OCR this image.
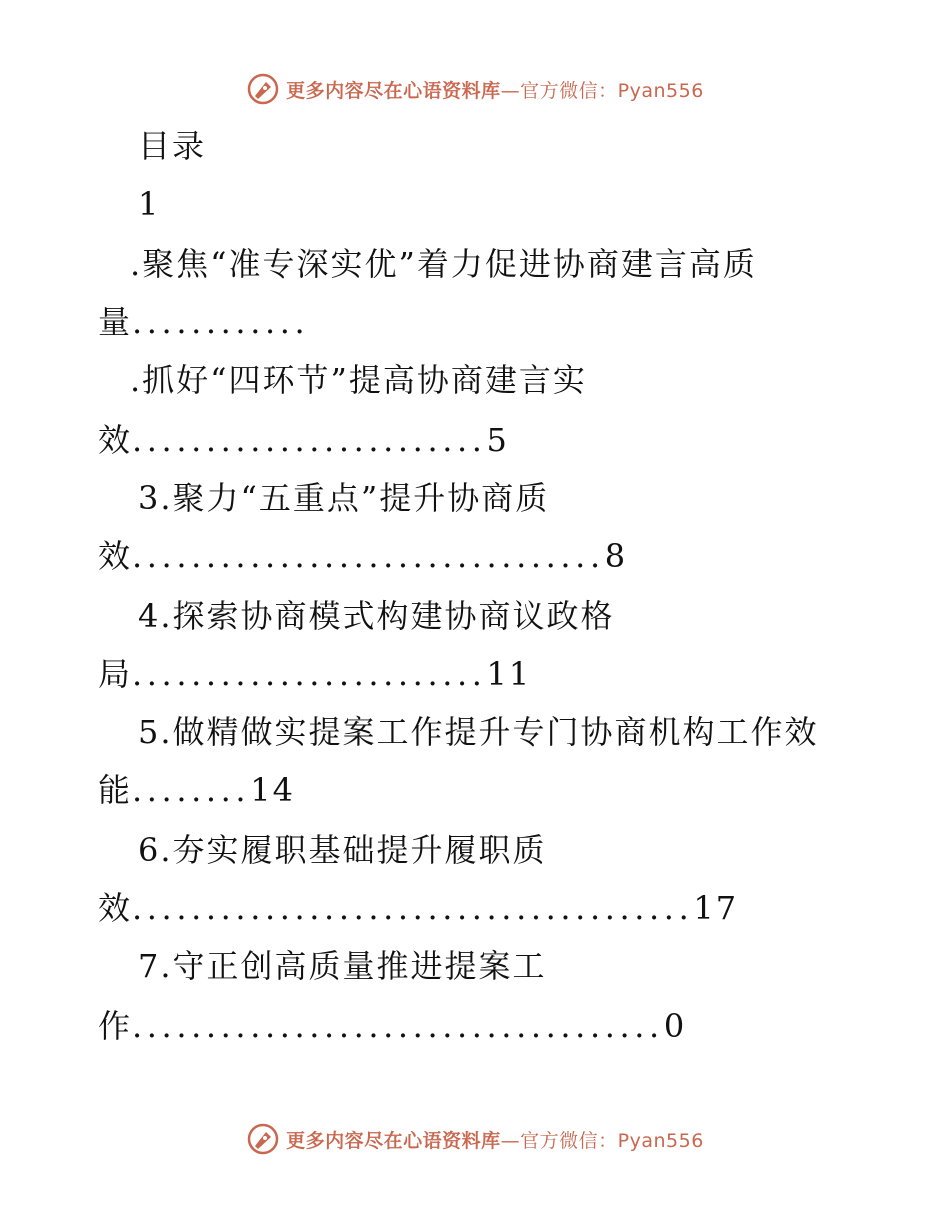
更多内容尽在心语资料库—官方微信：Pyan556
目录
1
.聚焦“准专深实优”着力促进协商建言高质
量............
.抓好“四环节”提高协商建言实
效........................5
3.聚力“五重点”提升协商质
效................................8
4.探索协商模式构建协商议政格
局........................11
5.做精做实提案工作提升专门协商机构工作效
能........14
6.夯实履职基础提升履职质
效......................................17
7.守正创高质量推进提案工
作....................................0
更多内容尽在心语资料库—官方微信：Pyan556
